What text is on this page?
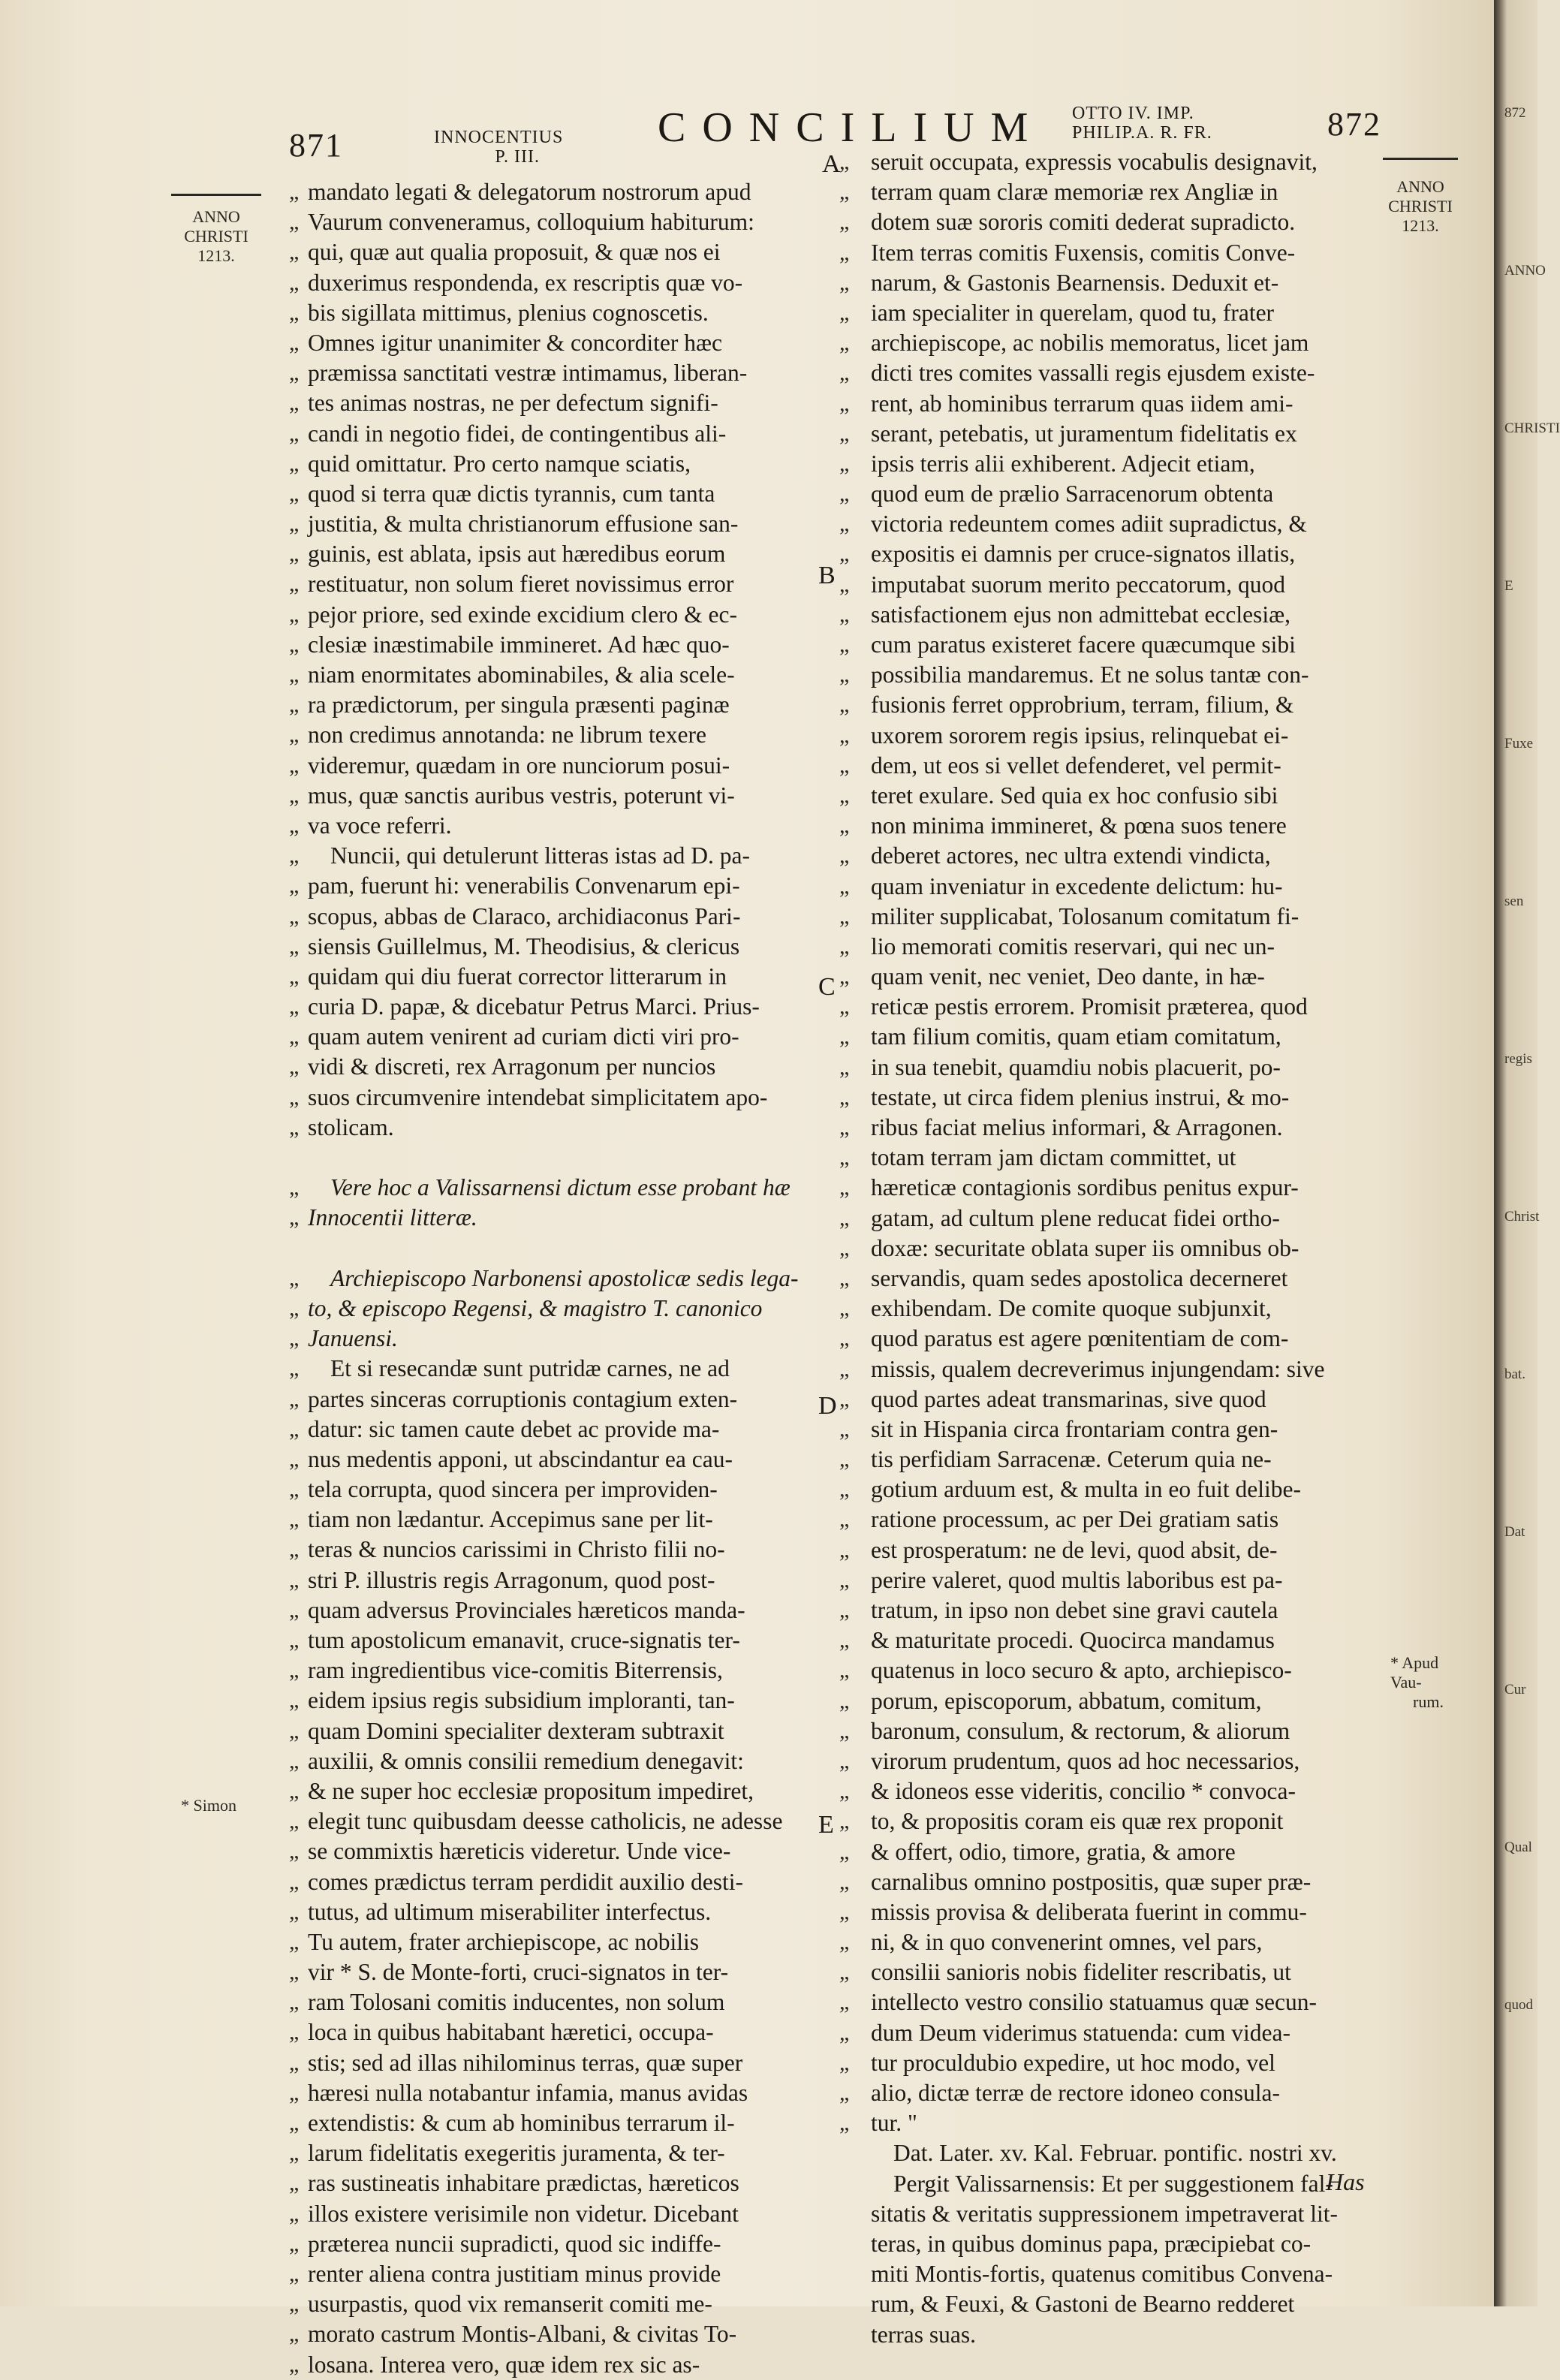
871	INNOCENTIUS
P. III.
CONCILIUM OTTO IV. IMP.
PHILIP.A. R. FR.	872
ANNO
CHRISTI
1213.
ANNO
CHRISTI
1213.
* Simon
* Apud Vau-
rum.
„
„
„
„
„
„
„
„
„
„
„
„
„
„
„
„
„
„
„
„
„
„
„
„
„
„
„
„
„
„
„
„
„
„
„
„
„
„
„
„
„
„
„
„
„
„
„
„
„
„
„
„
„
„
„
„
„
„
„
„
„
„
„
„
„
„
„
„
„
„
„
„
„
„
„
„
„
„
„
„
„
„
„
„
„
„
„
„
„
„
„
„
„
„
„
„
„
„
„
„
„
„
„
„
„
„
„
„
„
„
„
„
„
„
„
„
„
„
„
„
„
„
„
„
„
„
„
„
„
„
„
„
„
„
„
„
„
A
B
C
D
E
mandato legati & delegatorum nostrorum apud
Vaurum conveneramus, colloquium habiturum:
qui, quæ aut qualia proposuit, & quæ nos ei
duxerimus respondenda, ex rescriptis quæ vo-
bis sigillata mittimus, plenius cognoscetis.
Omnes igitur unanimiter & concorditer hæc
præmissa sanctitati vestræ intimamus, liberan-
tes animas nostras, ne per defectum signifi-
candi in negotio fidei, de contingentibus ali-
quid omittatur. Pro certo namque sciatis,
quod si terra quæ dictis tyrannis, cum tanta
justitia, & multa christianorum effusione san-
guinis, est ablata, ipsis aut hæredibus eorum
restituatur, non solum fieret novissimus error
pejor priore, sed exinde excidium clero & ec-
clesiæ inæstimabile immineret. Ad hæc quo-
niam enormitates abominabiles, & alia scele-
ra prædictorum, per singula præsenti paginæ
non credimus annotanda: ne librum texere
videremur, quædam in ore nunciorum posui-
mus, quæ sanctis auribus vestris, poterunt vi-
va voce referri.
Nuncii, qui detulerunt litteras istas ad D. pa-
pam, fuerunt hi: venerabilis Convenarum epi-
scopus, abbas de Claraco, archidiaconus Pari-
siensis Guillelmus, M. Theodisius, & clericus
quidam qui diu fuerat corrector litterarum in
curia D. papæ, & dicebatur Petrus Marci. Prius-
quam autem venirent ad curiam dicti viri pro-
vidi & discreti, rex Arragonum per nuncios
suos circumvenire intendebat simplicitatem apo-
stolicam.
Vere hoc a Valissarnensi dictum esse probant hæ
Innocentii litteræ.
Archiepiscopo Narbonensi apostolicæ sedis lega-
to, & episcopo Regensi, & magistro T. canonico
Januensi.
Et si resecandæ sunt putridæ carnes, ne ad
partes sinceras corruptionis contagium exten-
datur: sic tamen caute debet ac provide ma-
nus medentis apponi, ut abscindantur ea cau-
tela corrupta, quod sincera per improviden-
tiam non lædantur. Accepimus sane per lit-
teras & nuncios carissimi in Christo filii no-
stri P. illustris regis Arragonum, quod post-
quam adversus Provinciales hæreticos manda-
tum apostolicum emanavit, cruce-signatis ter-
ram ingredientibus vice-comitis Biterrensis,
eidem ipsius regis subsidium imploranti, tan-
quam Domini specialiter dexteram subtraxit
auxilii, & omnis consilii remedium denegavit:
& ne super hoc ecclesiæ propositum impediret,
elegit tunc quibusdam deesse catholicis, ne adesse
se commixtis hæreticis videretur. Unde vice-
comes prædictus terram perdidit auxilio desti-
tutus, ad ultimum miserabiliter interfectus.
Tu autem, frater archiepiscope, ac nobilis
vir * S. de Monte-forti, cruci-signatos in ter-
ram Tolosani comitis inducentes, non solum
loca in quibus habitabant hæretici, occupa-
stis; sed ad illas nihilominus terras, quæ super
hæresi nulla notabantur infamia, manus avidas
extendistis: & cum ab hominibus terrarum il-
larum fidelitatis exegeritis juramenta, & ter-
ras sustineatis inhabitare prædictas, hæreticos
illos existere verisimile non videtur. Dicebant
præterea nuncii supradicti, quod sic indiffe-
renter aliena contra justitiam minus provide
usurpastis, quod vix remanserit comiti me-
morato castrum Montis-Albani, & civitas To-
losana. Interea vero, quæ idem rex sic as-
seruit occupata, expressis vocabulis designavit,
terram quam claræ memoriæ rex Angliæ in
dotem suæ sororis comiti dederat supradicto.
Item terras comitis Fuxensis, comitis Conve-
narum, & Gastonis Bearnensis. Deduxit et-
iam specialiter in querelam, quod tu, frater
archiepiscope, ac nobilis memoratus, licet jam
dicti tres comites vassalli regis ejusdem existe-
rent, ab hominibus terrarum quas iidem ami-
serant, petebatis, ut juramentum fidelitatis ex
ipsis terris alii exhiberent. Adjecit etiam,
quod eum de prælio Sarracenorum obtenta
victoria redeuntem comes adiit supradictus, &
expositis ei damnis per cruce-signatos illatis,
imputabat suorum merito peccatorum, quod
satisfactionem ejus non admittebat ecclesiæ,
cum paratus existeret facere quæcumque sibi
possibilia mandaremus. Et ne solus tantæ con-
fusionis ferret opprobrium, terram, filium, &
uxorem sororem regis ipsius, relinquebat ei-
dem, ut eos si vellet defenderet, vel permit-
teret exulare. Sed quia ex hoc confusio sibi
non minima immineret, & pœna suos tenere
deberet actores, nec ultra extendi vindicta,
quam inveniatur in excedente delictum: hu-
militer supplicabat, Tolosanum comitatum fi-
lio memorati comitis reservari, qui nec un-
quam venit, nec veniet, Deo dante, in hæ-
reticæ pestis errorem. Promisit præterea, quod
tam filium comitis, quam etiam comitatum,
in sua tenebit, quamdiu nobis placuerit, po-
testate, ut circa fidem plenius instrui, & mo-
ribus faciat melius informari, & Arragonen.
totam terram jam dictam committet, ut
hæreticæ contagionis sordibus penitus expur-
gatam, ad cultum plene reducat fidei ortho-
doxæ: securitate oblata super iis omnibus ob-
servandis, quam sedes apostolica decerneret
exhibendam. De comite quoque subjunxit,
quod paratus est agere pœnitentiam de com-
missis, qualem decreverimus injungendam: sive
quod partes adeat transmarinas, sive quod
sit in Hispania circa frontariam contra gen-
tis perfidiam Sarracenæ. Ceterum quia ne-
gotium arduum est, & multa in eo fuit delibe-
ratione processum, ac per Dei gratiam satis
est prosperatum: ne de levi, quod absit, de-
perire valeret, quod multis laboribus est pa-
tratum, in ipso non debet sine gravi cautela
& maturitate procedi. Quocirca mandamus
quatenus in loco securo & apto, archiepisco-
porum, episcoporum, abbatum, comitum,
baronum, consulum, & rectorum, & aliorum
virorum prudentum, quos ad hoc necessarios,
& idoneos esse videritis, concilio * convoca-
to, & propositis coram eis quæ rex proponit
& offert, odio, timore, gratia, & amore
carnalibus omnino postpositis, quæ super præ-
missis provisa & deliberata fuerint in commu-
ni, & in quo convenerint omnes, vel pars,
consilii sanioris nobis fideliter rescribatis, ut
intellecto vestro consilio statuamus quæ secun-
dum Deum viderimus statuenda: cum videa-
tur proculdubio expedire, ut hoc modo, vel
alio, dictæ terræ de rectore idoneo consula-
tur. "
Dat. Later. xv. Kal. Februar. pontific. nostri xv.
Pergit Valissarnensis: Et per suggestionem fal-
sitatis & veritatis suppressionem impetraverat lit-
teras, in quibus dominus papa, præcipiebat co-
miti Montis-fortis, quatenus comitibus Convena-
rum, & Feuxi, & Gastoni de Bearno redderet
terras suas.
Has
872
ANNO
CHRISTI
E
Fuxe
sen
regis
Christ
bat.
Dat
Cur
Qual
quod
